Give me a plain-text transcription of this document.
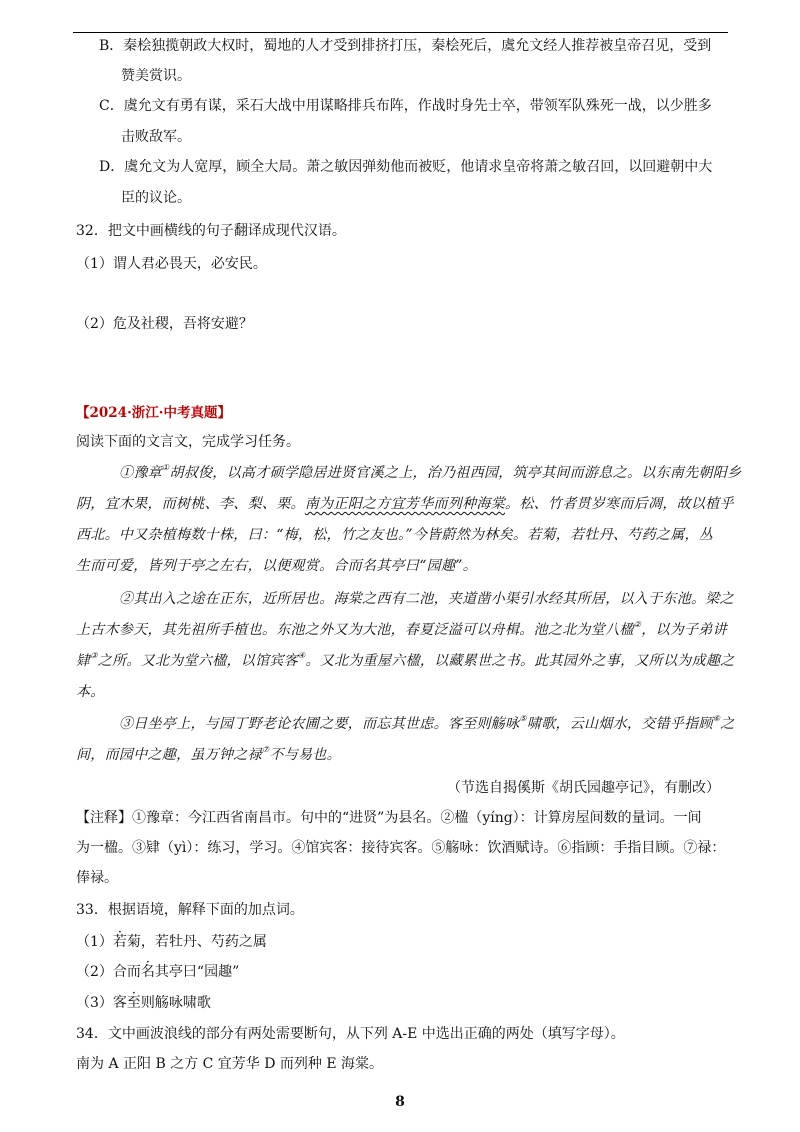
B．秦桧独揽朝政大权时，蜀地的人才受到排挤打压，秦桧死后，虞允文经人推荐被皇帝召见，受到
赞美赏识。
C．虞允文有勇有谋，采石大战中用谋略排兵布阵，作战时身先士卒，带领军队殊死一战，以少胜多
击败敌军。
D．虞允文为人宽厚，顾全大局。萧之敏因弹劾他而被贬，他请求皇帝将萧之敏召回，以回避朝中大
臣的议论。
32．把文中画横线的句子翻译成现代汉语。
（1）谓人君必畏天，必安民。
（2）危及社稷，吾将安避？
【2024·浙江·中考真题】
阅读下面的文言文，完成学习任务。
①豫章①胡叔俊，以高才硕学隐居进贤官溪之上，治乃祖西园，筑亭其间而游息之。以东南先朝阳乡
阴，宜木果，而树桃、李、梨、栗。南为正阳之方宜芳华而列种海棠。松、竹者贯岁寒而后凋，故以植乎
西北。中又杂植梅数十株，曰：“梅，松，竹之友也。”今皆蔚然为林矣。若菊，若牡丹、芍药之属，丛
生而可爱，皆列于亭之左右，以便观赏。合而名其亭曰“园趣”。
②其出入之途在正东，近所居也。海棠之西有二池，夹道凿小渠引水经其所居，以入于东池。梁之
上古木参天，其先祖所手植也。东池之外又为大池，春夏泛溢可以舟楫。池之北为堂八楹②，以为子弟讲
肄③之所。又北为堂六楹，以馆宾客④。又北为重屋六楹，以藏累世之书。此其园外之事，又所以为成趣之
本。
③日坐亭上，与园丁野老论农圃之要，而忘其世虑。客至则觞咏⑤啸歌，云山烟水，交错乎指顾⑥之
间，而园中之趣，虽万钟之禄⑦不与易也。
（节选自揭傒斯《胡氏园趣亭记》，有删改）
【注释】①豫章：今江西省南昌市。句中的“进贤”为县名。②楹（yíng）：计算房屋间数的量词。一间
为一楹。③肄（yì）：练习，学习。④馆宾客：接待宾客。⑤觞咏：饮酒赋诗。⑥指顾：手指目顾。⑦禄：
俸禄。
33．根据语境，解释下面的加点词。
（1）若菊，若牡丹、芍药之属
（2）合而名其亭曰“园趣”
（3）客至则觞咏啸歌
34．文中画波浪线的部分有两处需要断句，从下列 A-E 中选出正确的两处（填写字母）。
南为 A 正阳 B 之方 C 宜芳华 D 而列种 E 海棠。
8
